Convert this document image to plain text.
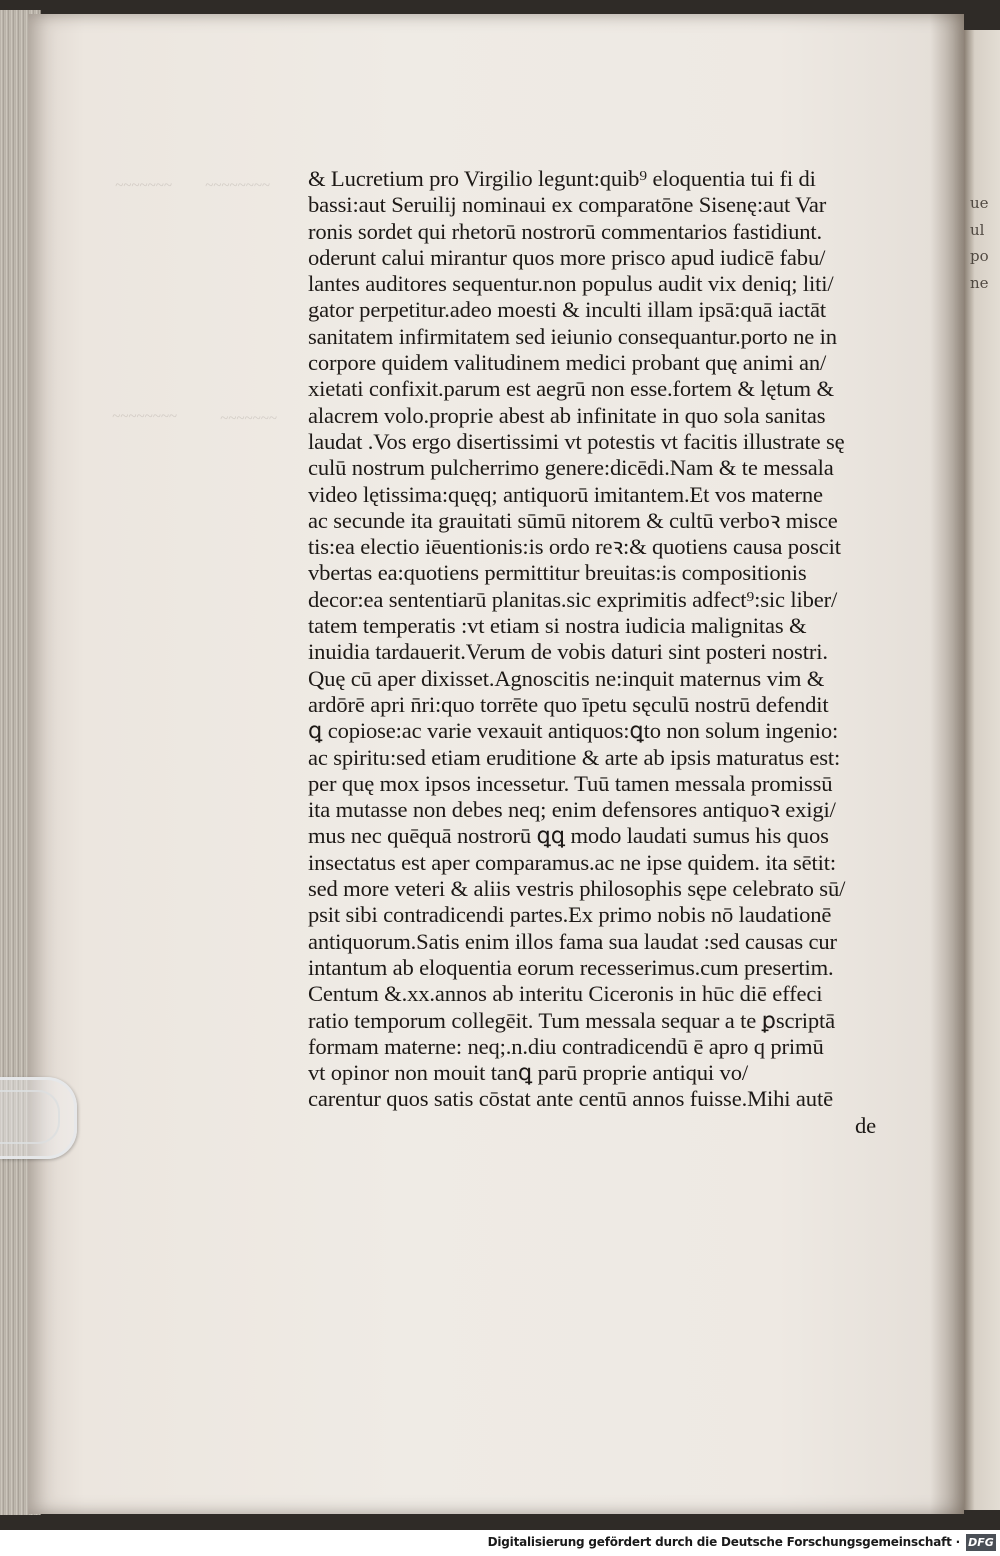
ue
ul
po
ne

~~~~~~~ ~~~~~~~~
~~~~~~~~	~~~~~~~
& Lucretium pro Virgilio legunt:quib⁹ eloquentia tui fi di
bassi:aut Seruilij nominaui ex comparatōne Sisenę:aut Var
ronis sordet qui rhetorū nostrorū commentarios fastidiunt.
oderunt calui mirantur quos more prisco apud iudicē fabu/
lantes auditores sequentur.non populus audit vix deniq; liti/
gator perpetitur.adeo moesti & inculti illam ipsā:quā iactāt
sanitatem infirmitatem sed ieiunio consequantur.porto ne in
corpore quidem valitudinem medici probant quę animi an/
xietati confixit.parum est aegrū non esse.fortem & lętum &
alacrem volo.proprie abest ab infinitate in quo sola sanitas
laudat .Vos ergo disertissimi vt potestis vt facitis illustrate sę
culū nostrum pulcherrimo genere:dicēdi.Nam & te messala
video lętissima:quęq; antiquorū imitantem.Et vos materne
ac secunde ita grauitati sūmū nitorem & cultū verboꝛ misce
tis:ea electio iēuentionis:is ordo reꝛ:& quotiens causa poscit
vbertas ea:quotiens permittitur breuitas:is compositionis
decor:ea sententiarū planitas.sic exprimitis adfect⁹:sic liber/
tatem temperatis :vt etiam si nostra iudicia malignitas &
inuidia tardauerit.Verum de vobis daturi sint posteri nostri.
Quę cū aper dixisset.Agnoscitis ne:inquit maternus vim &
ardōrē apri n̄ri:quo torrēte quo īpetu sęculū nostrū defendit
ꝗ copiose:ac varie vexauit antiquos:ꝗto non solum ingenio:
ac spiritu:sed etiam eruditione & arte ab ipsis maturatus est:
per quę mox ipsos incessetur. Tuū tamen messala promissū
ita mutasse non debes neq; enim defensores antiquoꝛ exigi/
mus nec quēquā nostrorū ꝗꝗ modo laudati sumus his quos
insectatus est aper comparamus.ac ne ipse quidem. ita sētit:
sed more veteri & aliis vestris philosophis sępe celebrato sū/
psit sibi contradicendi partes.Ex primo nobis nō laudationē
antiquorum.Satis enim illos fama sua laudat :sed causas cur
intantum ab eloquentia eorum recesserimus.cum presertim.
Centum &.xx.annos ab interitu Ciceronis in hūc diē effeci
ratio temporum collegēit. Tum messala sequar a te ꝑscriptā
formam materne: neq;.n.diu contradicendū ē apro q primū
vt opinor non mouit tanꝗ parū proprie antiqui vo/
carentur quos satis cōstat ante centū annos fuisse.Mihi autē
de
Digitalisierung gefördert durch die Deutsche Forschungsgemeinschaft · DFG
